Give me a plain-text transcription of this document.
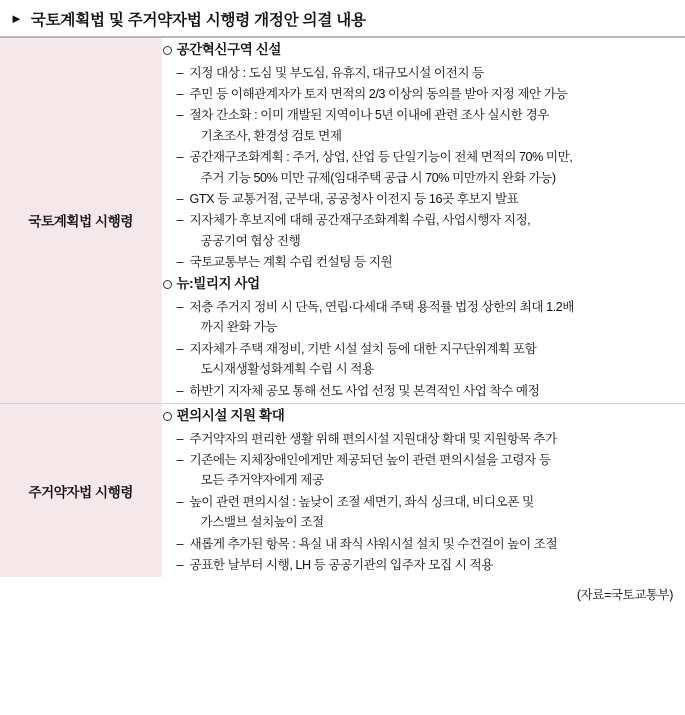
► 국토계획법 및 주거약자법 시행령 개정안 의결 내용
국토계획법 시행령	
공간혁신구역 신설
– 지정 대상 : 도심 및 부도심, 유휴지, 대규모시설 이전지 등
– 주민 등 이해관계자가 토지 면적의 2/3 이상의 동의를 받아 지정 제안 가능
– 절차 간소화 : 이미 개발된 지역이나 5년 이내에 관련 조사 실시한 경우
기초조사, 환경성 검토 면제
– 공간재구조화계획 : 주거, 상업, 산업 등 단일기능이 전체 면적의 70% 미만,
주거 기능 50% 미만 규제(임대주택 공급 시 70% 미만까지 완화 가능)
– GTX 등 교통거점, 군부대, 공공청사 이전지 등 16곳 후보지 발표
– 지자체가 후보지에 대해 공간재구조화계획 수립, 사업시행자 지정,
공공기여 협상 진행
– 국토교통부는 계획 수립 컨설팅 등 지원
뉴:빌리지 사업
– 저층 주거지 정비 시 단독, 연립·다세대 주택 용적률 법정 상한의 최대 1.2배
까지 완화 가능
– 지자체가 주택 재정비, 기반 시설 설치 등에 대한 지구단위계획 포함
도시재생활성화계획 수립 시 적용
– 하반기 지자체 공모 통해 선도 사업 선정 및 본격적인 사업 착수 예정

주거약자법 시행령	
편의시설 지원 확대
– 주거약자의 편리한 생활 위해 편의시설 지원대상 확대 및 지원항목 추가
– 기존에는 지체장애인에게만 제공되던 높이 관련 편의시설을 고령자 등
모든 주거약자에게 제공
– 높이 관련 편의시설 : 높낮이 조절 세면기, 좌식 싱크대, 비디오폰 및
가스밸브 설치높이 조절
– 새롭게 추가된 항목 : 욕실 내 좌식 샤워시설 설치 및 수건걸이 높이 조절
– 공표한 날부터 시행, LH 등 공공기관의 입주자 모집 시 적용
(자료=국토교통부)
